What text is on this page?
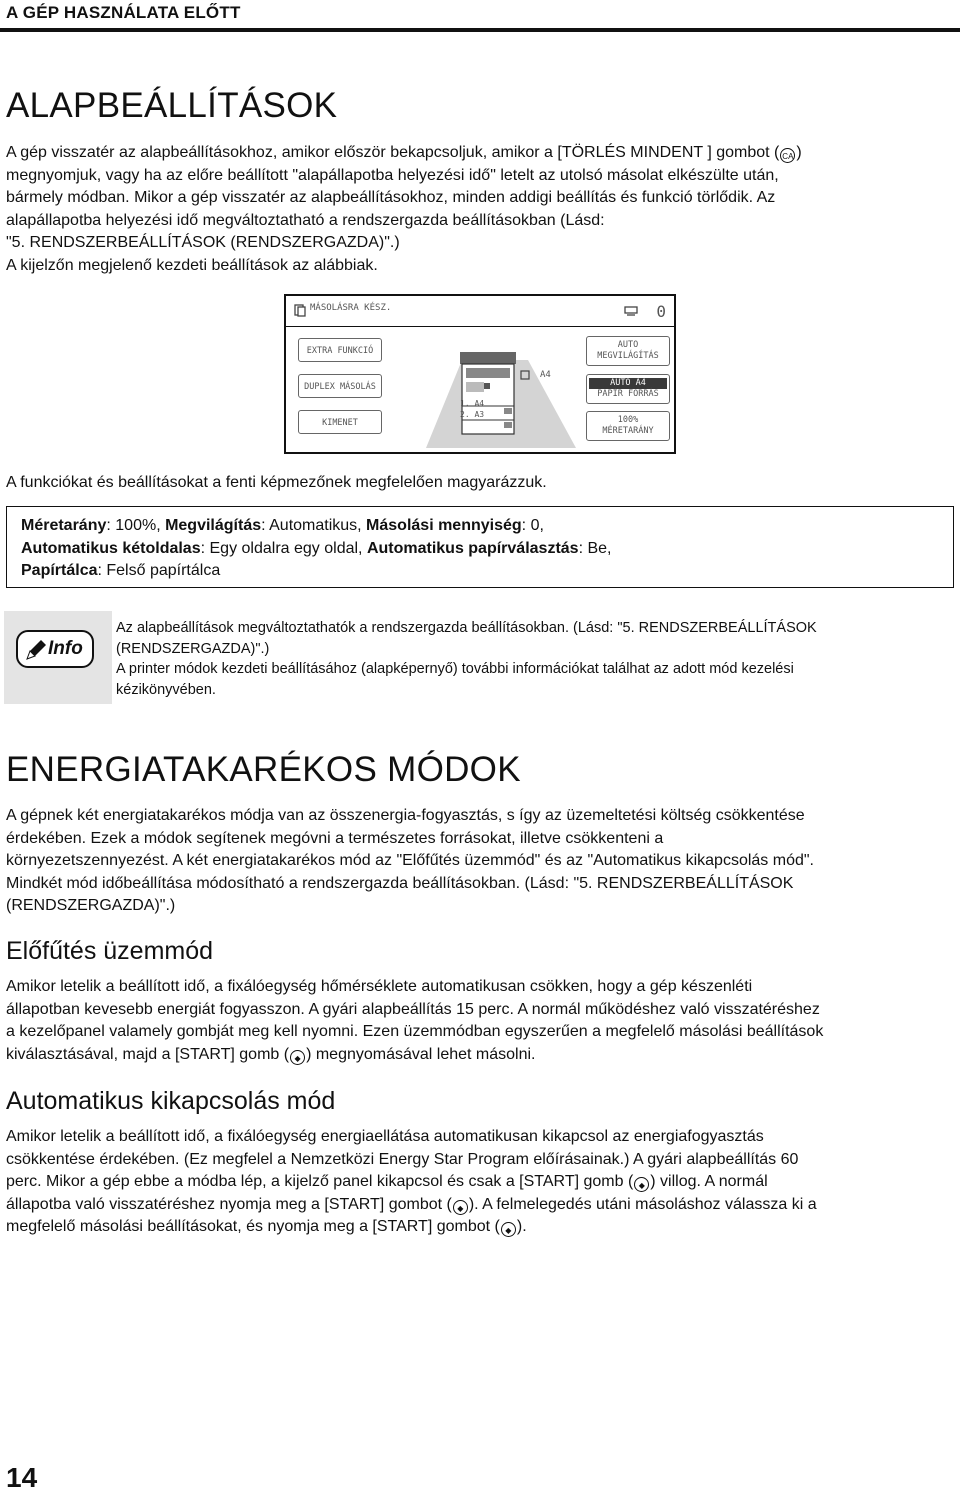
A GÉP HASZNÁLATA ELŐTT
ALAPBEÁLLÍTÁSOK
A gép visszatér az alapbeállításokhoz, amikor először bekapcsoljuk, amikor a [TÖRLÉS MINDENT ] gombot ( CA )
megnyomjuk, vagy ha az előre beállított "alapállapotba helyezési idő" letelt az utolsó másolat elkészülte után,
bármely módban. Mikor a gép visszatér az alapbeállításokhoz, minden addigi beállítás és funkció törlődik. Az
alapállapotba helyezési idő megváltoztatható a rendszergazda beállításokban (Lásd:
"5. RENDSZERBEÁLLÍTÁSOK (RENDSZERGAZDA)".)
A kijelzőn megjelenő kezdeti beállítások az alábbiak.
MÁSOLÁSRA KÉSZ.	0
EXTRA FUNKCIÓ
DUPLEX MÁSOLÁS
KIMENET
1. A4
2. A3
A4
AUTO
MEGVILÁGÍTÁS
AUTO A4
PAPÍR FORRÁS
100%
MÉRETARÁNY
A funkciókat és beállításokat a fenti képmezőnek megfelelően magyarázzuk.
Méretarány: 100%, Megvilágítás: Automatikus, Másolási mennyiség: 0,
Automatikus kétoldalas: Egy oldalra egy oldal, Automatikus papírválasztás: Be,
Papírtálca: Felső papírtálca
Info
Az alapbeállítások megváltoztathatók a rendszergazda beállításokban. (Lásd: "5. RENDSZERBEÁLLÍTÁSOK
(RENDSZERGAZDA)".)
A printer módok kezdeti beállításához (alapképernyő) további információkat találhat az adott mód kezelési
kézikönyvében.
ENERGIATAKARÉKOS MÓDOK
A gépnek két energiatakarékos módja van az összenergia-fogyasztás, s így az üzemeltetési költség csökkentése
érdekében. Ezek a módok segítenek megóvni a természetes forrásokat, illetve csökkenteni a
környezetszennyezést. A két energiatakarékos mód az "Előfűtés üzemmód" és az "Automatikus kikapcsolás mód".
Mindkét mód időbeállítása módosítható a rendszergazda beállításokban. (Lásd: "5. RENDSZERBEÁLLÍTÁSOK
(RENDSZERGAZDA)".)
Előfűtés üzemmód
Amikor letelik a beállított idő, a fixálóegység hőmérséklete automatikusan csökken, hogy a gép készenléti
állapotban kevesebb energiát fogyasszon. A gyári alapbeállítás 15 perc. A normál működéshez való visszatéréshez
a kezelőpanel valamely gombját meg kell nyomni. Ezen üzemmódban egyszerűen a megfelelő másolási beállítások
kiválasztásával, majd a [START] gomb ( ◆ ) megnyomásával lehet másolni.
Automatikus kikapcsolás mód
Amikor letelik a beállított idő, a fixálóegység energiaellátása automatikusan kikapcsol az energiafogyasztás
csökkentése érdekében. (Ez megfelel a Nemzetközi Energy Star Program előírásainak.) A gyári alapbeállítás 60
perc. Mikor a gép ebbe a módba lép, a kijelző panel kikapcsol és csak a [START] gomb ( ◆ ) villog. A normál
állapotba való visszatéréshez nyomja meg a [START] gombot ( ◆ ). A felmelegedés utáni másoláshoz válassza ki a
megfelelő másolási beállításokat, és nyomja meg a [START] gombot ( ◆ ).
14
